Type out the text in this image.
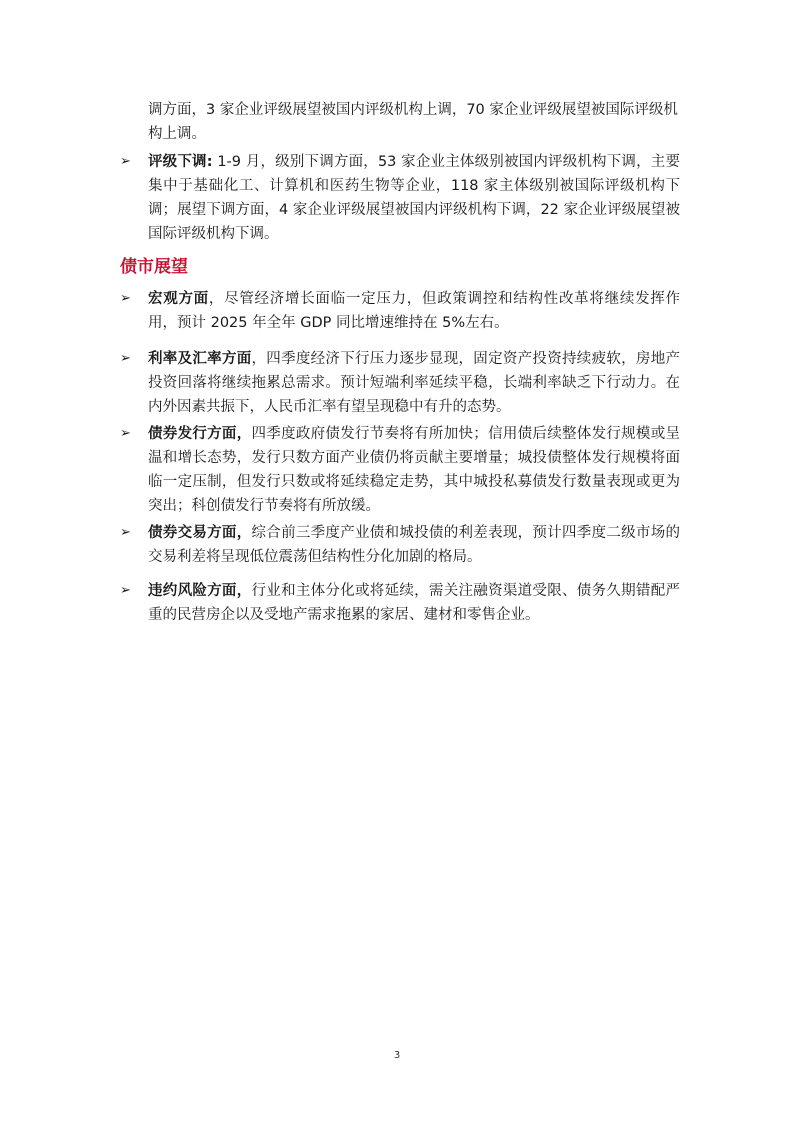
调方面，3 家企业评级展望被国内评级机构上调，70 家企业评级展望被国际评级机构上调。

➢ 评级下调: 1-9 月，级别下调方面，53 家企业主体级别被国内评级机构下调，主要集中于基础化工、计算机和医药生物等企业，118 家主体级别被国际评级机构下调；展望下调方面，4 家企业评级展望被国内评级机构下调，22 家企业评级展望被国际评级机构下调。

债市展望
➢ 宏观方面，尽管经济增长面临一定压力，但政策调控和结构性改革将继续发挥作用，预计 2025 年全年 GDP 同比增速维持在 5%左右。

➢ 利率及汇率方面，四季度经济下行压力逐步显现，固定资产投资持续疲软，房地产投资回落将继续拖累总需求。预计短端利率延续平稳，长端利率缺乏下行动力。在内外因素共振下，人民币汇率有望呈现稳中有升的态势。

➢ 债券发行方面，四季度政府债发行节奏将有所加快；信用债后续整体发行规模或呈温和增长态势，发行只数方面产业债仍将贡献主要增量；城投债整体发行规模将面临一定压制，但发行只数或将延续稳定走势，其中城投私募债发行数量表现或更为突出；科创债发行节奏将有所放缓。

➢ 债券交易方面，综合前三季度产业债和城投债的利差表现，预计四季度二级市场的交易利差将呈现低位震荡但结构性分化加剧的格局。

➢ 违约风险方面，行业和主体分化或将延续，需关注融资渠道受限、债务久期错配严重的民营房企以及受地产需求拖累的家居、建材和零售企业。

3
